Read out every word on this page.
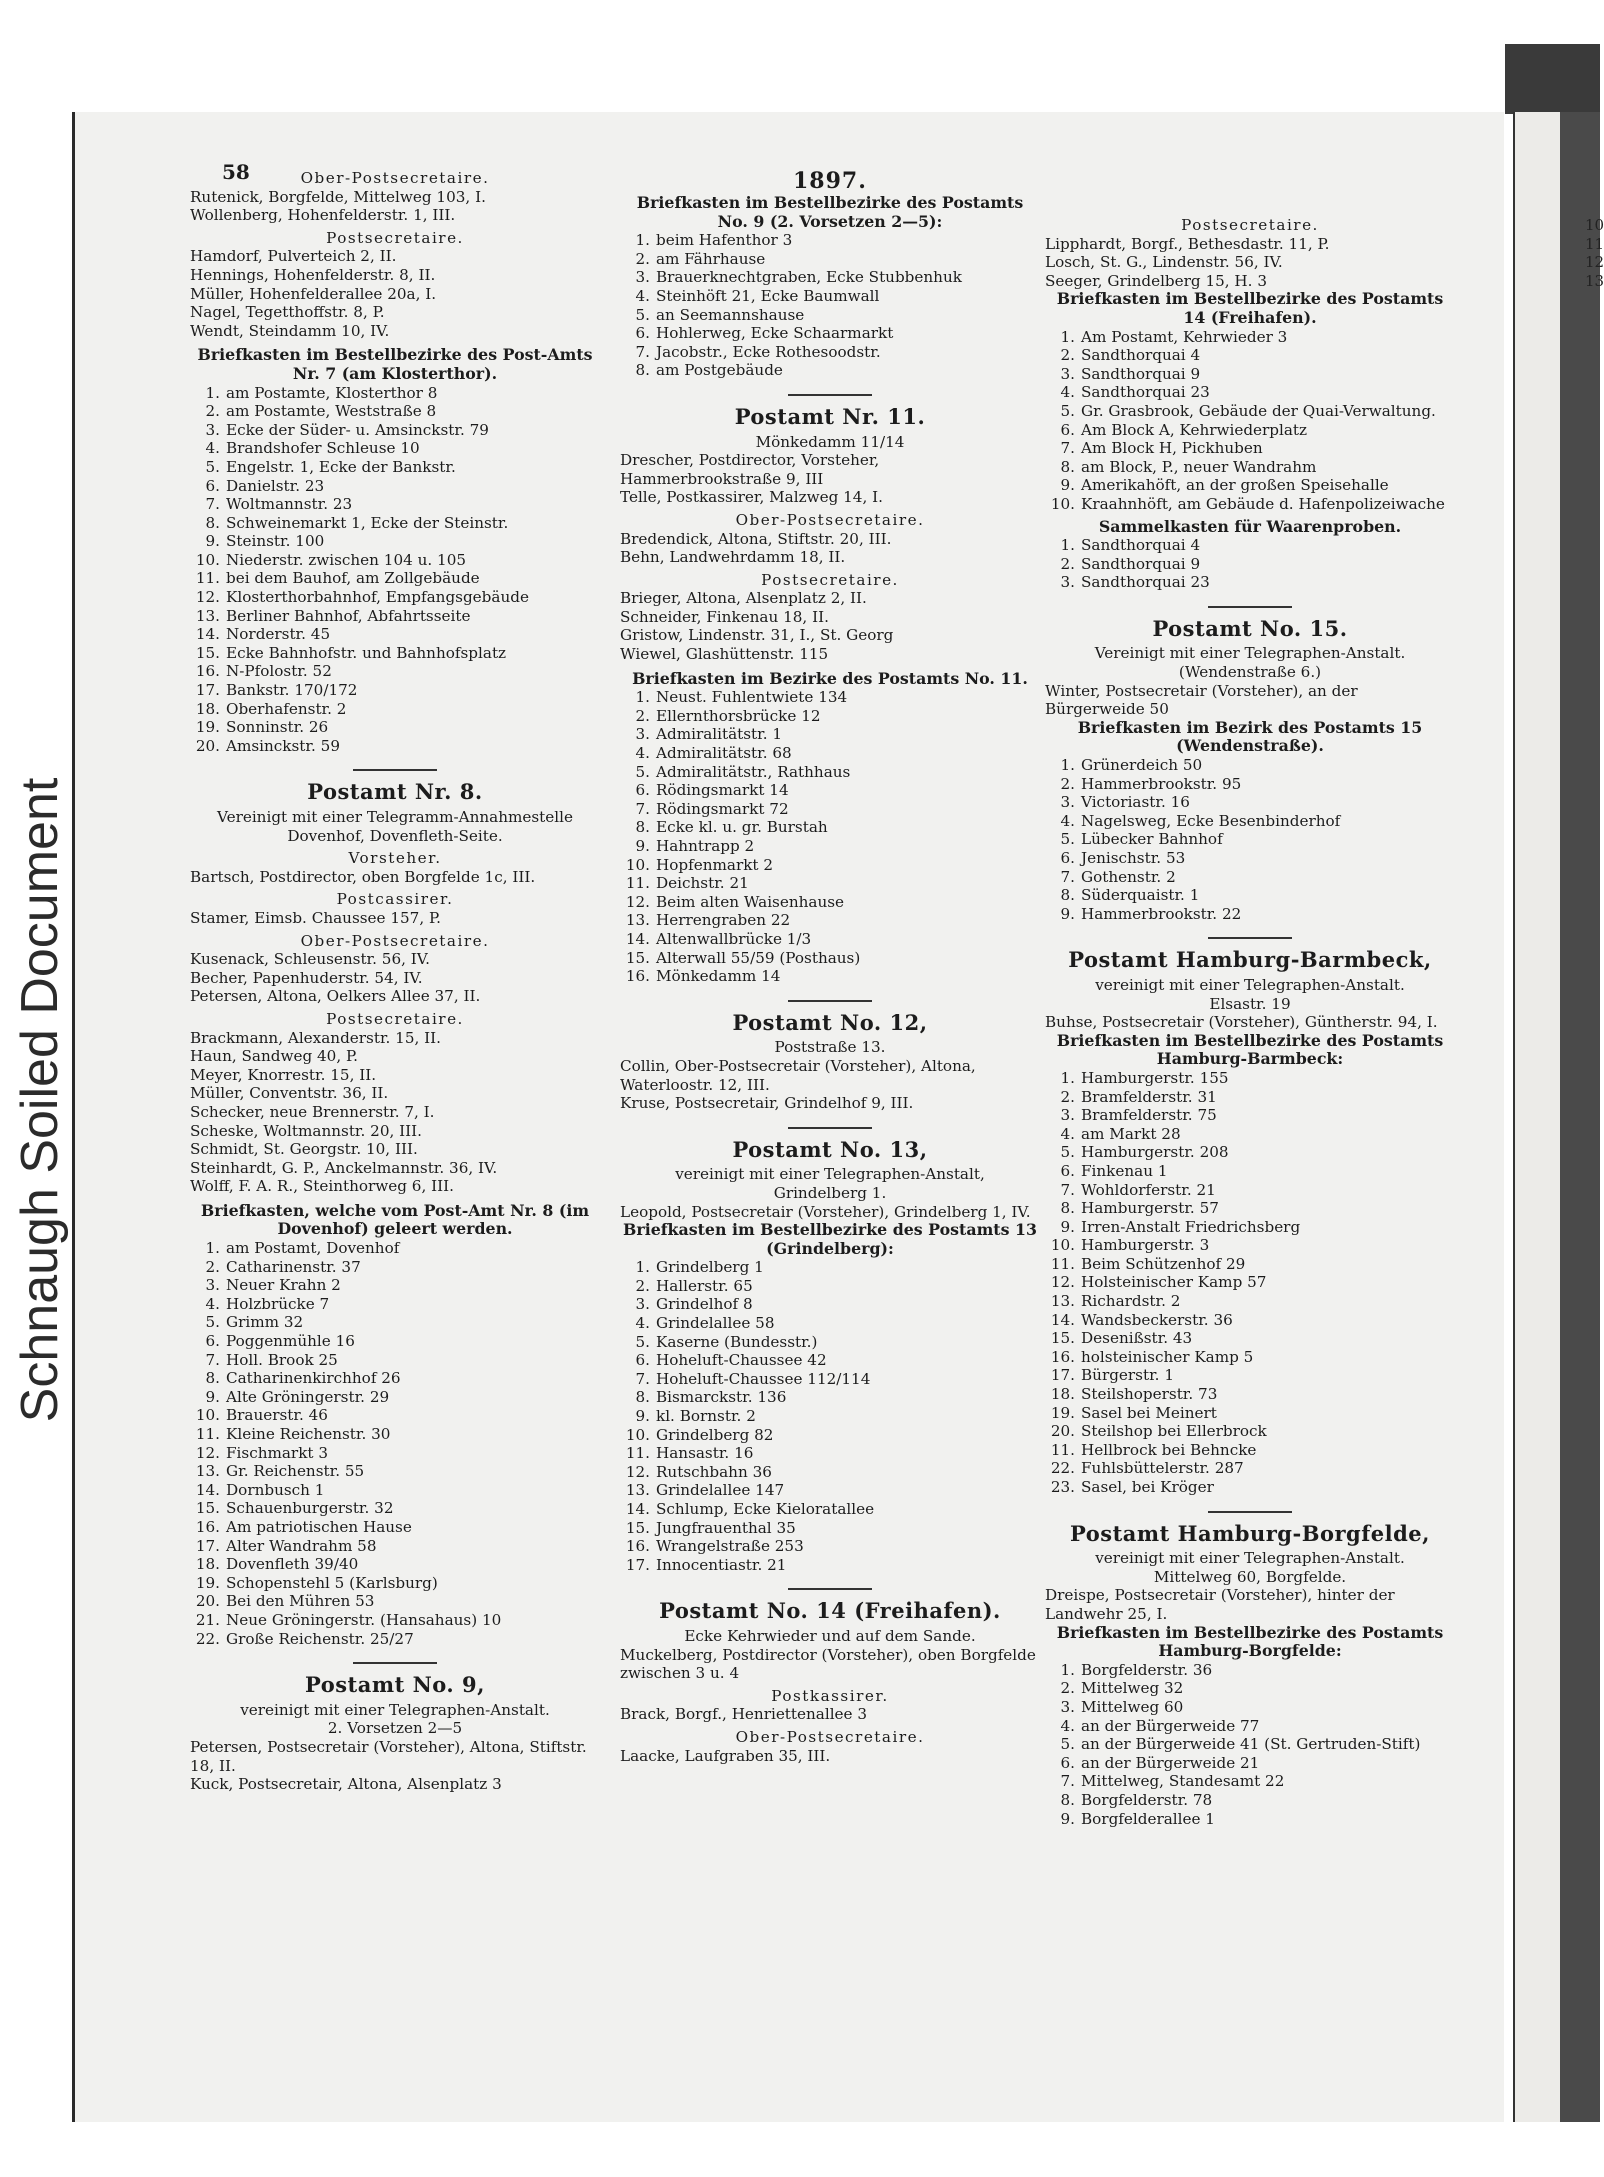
Schnaugh Soiled Document
10
11
12
13
58	1897.
Ober-Postsecretaire.
Rutenick, Borgfelde, Mittelweg 103, I.
Wollenberg, Hohenfelderstr. 1, III.
Postsecretaire.
Hamdorf, Pulverteich 2, II.
Hennings, Hohenfelderstr. 8, II.
Müller, Hohenfelderallee 20a, I.
Nagel, Tegetthoffstr. 8, P.
Wendt, Steindamm 10, IV.
Briefkasten im Bestellbezirke des Post-Amts Nr. 7 (am Klosterthor).
1. am Postamte, Klosterthor 8
2. am Postamte, Weststraße 8
3. Ecke der Süder- u. Amsinckstr. 79
4. Brandshofer Schleuse 10
5. Engelstr. 1, Ecke der Bankstr.
6. Danielstr. 23
7. Woltmannstr. 23
8. Schweinemarkt 1, Ecke der Steinstr.
9. Steinstr. 100
10. Niederstr. zwischen 104 u. 105
11. bei dem Bauhof, am Zollgebäude
12. Klosterthorbahnhof, Empfangsgebäude
13. Berliner Bahnhof, Abfahrtsseite
14. Norderstr. 45
15. Ecke Bahnhofstr. und Bahnhofsplatz
16. N-Pfolostr. 52
17. Bankstr. 170/172
18. Oberhafenstr. 2
19. Sonninstr. 26
20. Amsinckstr. 59
Postamt Nr. 8.
Vereinigt mit einer Telegramm-Annahmestelle
Dovenhof, Dovenfleth-Seite.
Vorsteher.
Bartsch, Postdirector, oben Borgfelde 1c, III.
Postcassirer.
Stamer, Eimsb. Chaussee 157, P.
Ober-Postsecretaire.
Kusenack, Schleusenstr. 56, IV.
Becher, Papenhuderstr. 54, IV.
Petersen, Altona, Oelkers Allee 37, II.
Postsecretaire.
Brackmann, Alexanderstr. 15, II.
Haun, Sandweg 40, P.
Meyer, Knorrestr. 15, II.
Müller, Conventstr. 36, II.
Schecker, neue Brennerstr. 7, I.
Scheske, Woltmannstr. 20, III.
Schmidt, St. Georgstr. 10, III.
Steinhardt, G. P., Anckelmannstr. 36, IV.
Wolff, F. A. R., Steinthorweg 6, III.
Briefkasten, welche vom Post-Amt Nr. 8 (im Dovenhof) geleert werden.
1. am Postamt, Dovenhof
2. Catharinenstr. 37
3. Neuer Krahn 2
4. Holzbrücke 7
5. Grimm 32
6. Poggenmühle 16
7. Holl. Brook 25
8. Catharinenkirchhof 26
9. Alte Gröningerstr. 29
10. Brauerstr. 46
11. Kleine Reichenstr. 30
12. Fischmarkt 3
13. Gr. Reichenstr. 55
14. Dornbusch 1
15. Schauenburgerstr. 32
16. Am patriotischen Hause
17. Alter Wandrahm 58
18. Dovenfleth 39/40
19. Schopenstehl 5 (Karlsburg)
20. Bei den Mühren 53
21. Neue Gröningerstr. (Hansahaus) 10
22. Große Reichenstr. 25/27
Postamt No. 9,
vereinigt mit einer Telegraphen-Anstalt.
2. Vorsetzen 2—5
Petersen, Postsecretair (Vorsteher), Altona, Stiftstr. 18, II.
Kuck, Postsecretair, Altona, Alsenplatz 3
Briefkasten im Bestellbezirke des Postamts No. 9 (2. Vorsetzen 2—5):
1. beim Hafenthor 3
2. am Fährhause
3. Brauerknechtgraben, Ecke Stubbenhuk
4. Steinhöft 21, Ecke Baumwall
5. an Seemannshause
6. Hohlerweg, Ecke Schaarmarkt
7. Jacobstr., Ecke Rothesoodstr.
8. am Postgebäude
Postamt Nr. 11.
Mönkedamm 11/14
Drescher, Postdirector, Vorsteher, Hammerbrookstraße 9, III
Telle, Postkassirer, Malzweg 14, I.
Ober-Postsecretaire.
Bredendick, Altona, Stiftstr. 20, III.
Behn, Landwehrdamm 18, II.
Postsecretaire.
Brieger, Altona, Alsenplatz 2, II.
Schneider, Finkenau 18, II.
Gristow, Lindenstr. 31, I., St. Georg
Wiewel, Glashüttenstr. 115
Briefkasten im Bezirke des Postamts No. 11.
1. Neust. Fuhlentwiete 134
2. Ellernthorsbrücke 12
3. Admiralitätstr. 1
4. Admiralitätstr. 68
5. Admiralitätstr., Rathhaus
6. Rödingsmarkt 14
7. Rödingsmarkt 72
8. Ecke kl. u. gr. Burstah
9. Hahntrapp 2
10. Hopfenmarkt 2
11. Deichstr. 21
12. Beim alten Waisenhause
13. Herrengraben 22
14. Altenwallbrücke 1/3
15. Alterwall 55/59 (Posthaus)
16. Mönkedamm 14
Postamt No. 12,
Poststraße 13.
Collin, Ober-Postsecretair (Vorsteher), Altona, Waterloostr. 12, III.
Kruse, Postsecretair, Grindelhof 9, III.
Postamt No. 13,
vereinigt mit einer Telegraphen-Anstalt,
Grindelberg 1.
Leopold, Postsecretair (Vorsteher), Grindelberg 1, IV.
Briefkasten im Bestellbezirke des Postamts 13 (Grindelberg):
1. Grindelberg 1
2. Hallerstr. 65
3. Grindelhof 8
4. Grindelallee 58
5. Kaserne (Bundesstr.)
6. Hoheluft-Chaussee 42
7. Hoheluft-Chaussee 112/114
8. Bismarckstr. 136
9. kl. Bornstr. 2
10. Grindelberg 82
11. Hansastr. 16
12. Rutschbahn 36
13. Grindelallee 147
14. Schlump, Ecke Kieloratallee
15. Jungfrauenthal 35
16. Wrangelstraße 253
17. Innocentiastr. 21
Postamt No. 14 (Freihafen).
Ecke Kehrwieder und auf dem Sande.
Muckelberg, Postdirector (Vorsteher), oben Borgfelde zwischen 3 u. 4
Postkassirer.
Brack, Borgf., Henriettenallee 3
Ober-Postsecretaire.
Laacke, Laufgraben 35, III.
Postsecretaire.
Lipphardt, Borgf., Bethesdastr. 11, P.
Losch, St. G., Lindenstr. 56, IV.
Seeger, Grindelberg 15, H. 3
Briefkasten im Bestellbezirke des Postamts 14 (Freihafen).
1. Am Postamt, Kehrwieder 3
2. Sandthorquai 4
3. Sandthorquai 9
4. Sandthorquai 23
5. Gr. Grasbrook, Gebäude der Quai-Verwaltung.
6. Am Block A, Kehrwiederplatz
7. Am Block H, Pickhuben
8. am Block, P., neuer Wandrahm
9. Amerikahöft, an der großen Speisehalle
10. Kraahnhöft, am Gebäude d. Hafenpolizeiwache
Sammelkasten für Waarenproben.
1. Sandthorquai 4
2. Sandthorquai 9
3. Sandthorquai 23
Postamt No. 15.
Vereinigt mit einer Telegraphen-Anstalt.
(Wendenstraße 6.)
Winter, Postsecretair (Vorsteher), an der Bürgerweide 50
Briefkasten im Bezirk des Postamts 15 (Wendenstraße).
1. Grünerdeich 50
2. Hammerbrookstr. 95
3. Victoriastr. 16
4. Nagelsweg, Ecke Besenbinderhof
5. Lübecker Bahnhof
6. Jenischstr. 53
7. Gothenstr. 2
8. Süderquaistr. 1
9. Hammerbrookstr. 22
Postamt Hamburg-Barmbeck,
vereinigt mit einer Telegraphen-Anstalt.
Elsastr. 19
Buhse, Postsecretair (Vorsteher), Güntherstr. 94, I.
Briefkasten im Bestellbezirke des Postamts Hamburg-Barmbeck:
1. Hamburgerstr. 155
2. Bramfelderstr. 31
3. Bramfelderstr. 75
4. am Markt 28
5. Hamburgerstr. 208
6. Finkenau 1
7. Wohldorferstr. 21
8. Hamburgerstr. 57
9. Irren-Anstalt Friedrichsberg
10. Hamburgerstr. 3
11. Beim Schützenhof 29
12. Holsteinischer Kamp 57
13. Richardstr. 2
14. Wandsbeckerstr. 36
15. Desenißstr. 43
16. holsteinischer Kamp 5
17. Bürgerstr. 1
18. Steilshoperstr. 73
19. Sasel bei Meinert
20. Steilshop bei Ellerbrock
11. Hellbrock bei Behncke
22. Fuhlsbüttelerstr. 287
23. Sasel, bei Kröger
Postamt Hamburg-Borgfelde,
vereinigt mit einer Telegraphen-Anstalt.
Mittelweg 60, Borgfelde.
Dreispe, Postsecretair (Vorsteher), hinter der Landwehr 25, I.
Briefkasten im Bestellbezirke des Postamts Hamburg-Borgfelde:
1. Borgfelderstr. 36
2. Mittelweg 32
3. Mittelweg 60
4. an der Bürgerweide 77
5. an der Bürgerweide 41 (St. Gertruden-Stift)
6. an der Bürgerweide 21
7. Mittelweg, Standesamt 22
8. Borgfelderstr. 78
9. Borgfelderallee 1
